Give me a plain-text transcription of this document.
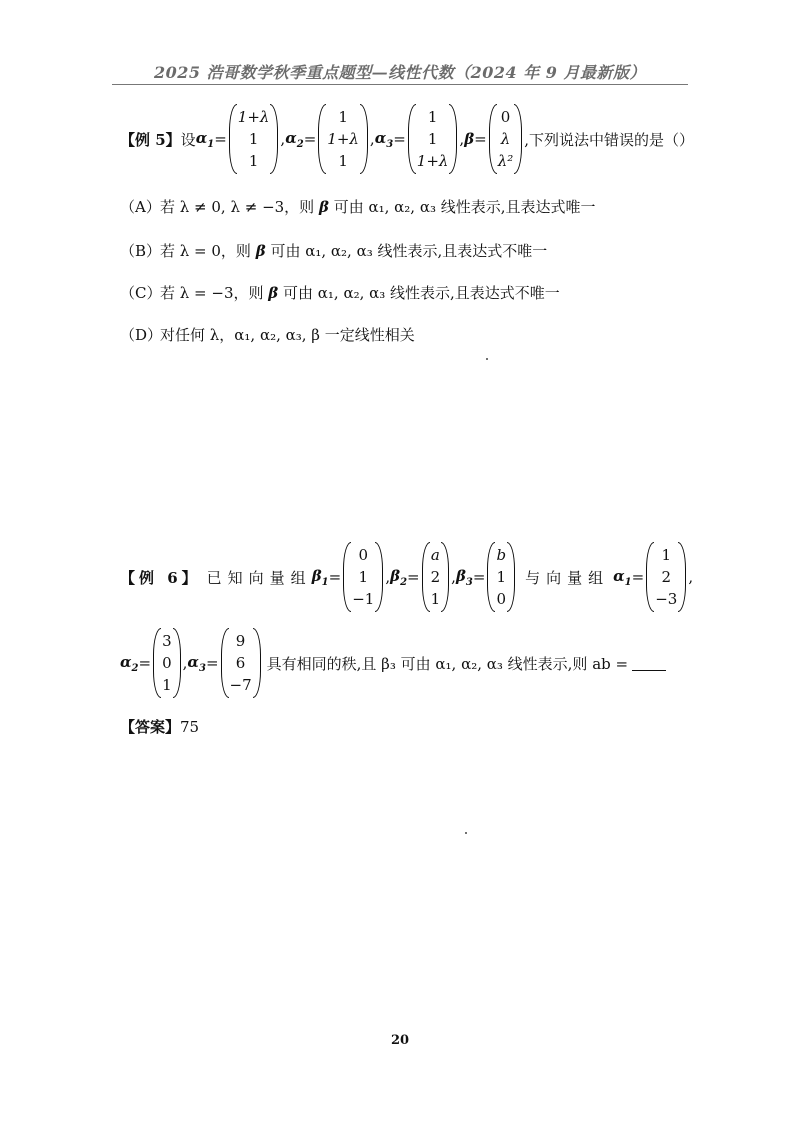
2025 浩哥数学秋季重点题型—线性代数（2024 年 9 月最新版）
【例 5】 设 $\alpha_1$ =
1+λ
1
1
, $\alpha_2$ =
1
1+λ
1
, $\alpha_3$ =
1
1
1+λ
, β =
0
λ
λ²
,下列说法中错误的是（）
（A）若 λ ≠ 0, λ ≠ −3，则 β 可由 α₁, α₂, α₃ 线性表示,且表达式唯一
（B）若 λ = 0，则 β 可由 α₁, α₂, α₃ 线性表示,且表达式不唯一
（C）若 λ = −3，则 β 可由 α₁, α₂, α₃ 线性表示,且表达式不唯一
（D）对任何 λ，α₁, α₂, α₃, β 一定线性相关
【例 6】 已知向量组 $\beta_1$ =
0
1
−1
, $\beta_2$ =
a
2
1
, $\beta_3$ =
b
1
0
与向量组 $\alpha_1$ =
1
2
−3
,
$\alpha_2$ =
3
0
1
, $\alpha_3$ =
9
6
−7
具有相同的秩,且 β₃ 可由 α₁, α₂, α₃ 线性表示,则 ab =
【答案】 75
20
